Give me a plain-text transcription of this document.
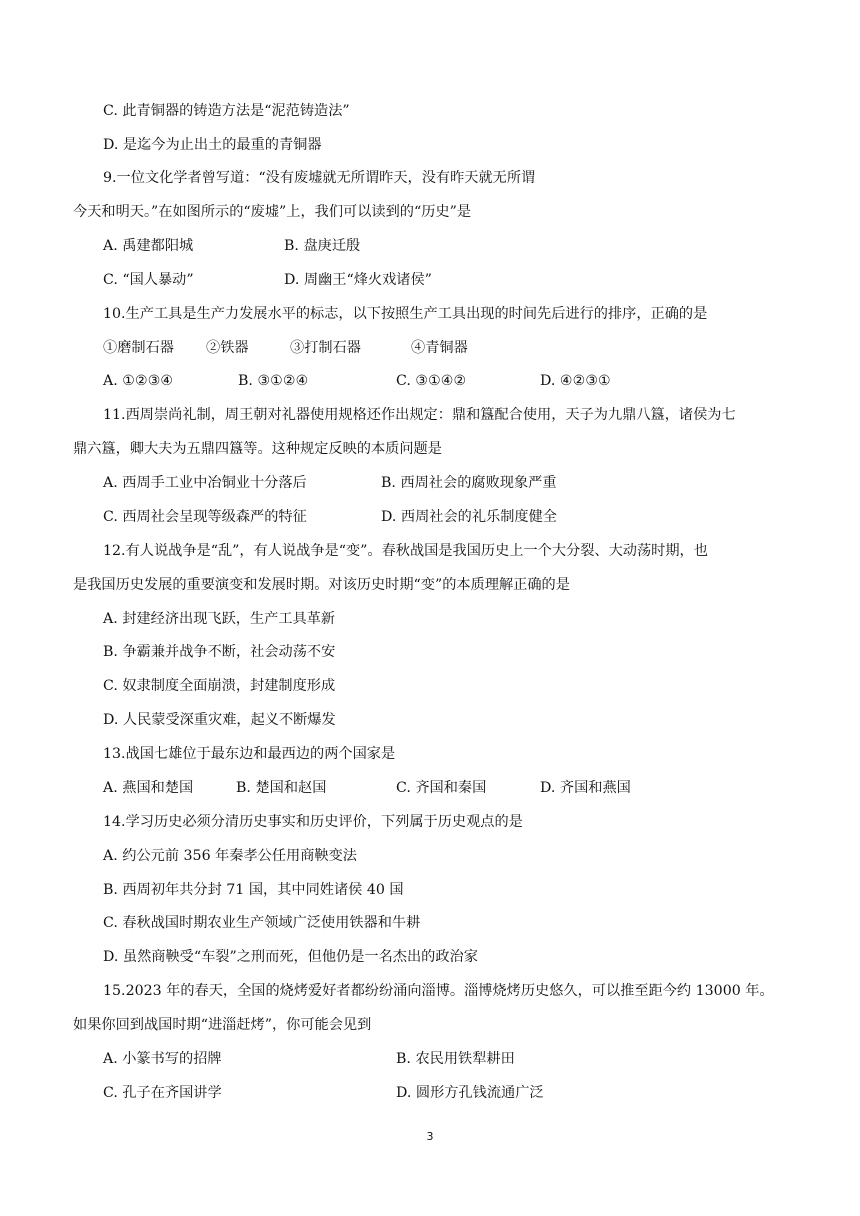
C. 此青铜器的铸造方法是“泥范铸造法”
D. 是迄今为止出土的最重的青铜器
9.一位文化学者曾写道：“没有废墟就无所谓昨天，没有昨天就无所谓
今天和明天。”在如图所示的“废墟”上，我们可以读到的“历史”是
A. 禹建都阳城	B. 盘庚迁殷
C. “国人暴动”	D. 周幽王“烽火戏诸侯”
10.生产工具是生产力发展水平的标志，以下按照生产工具出现的时间先后进行的排序，正确的是
①磨制石器 ②铁器	③打制石器	④青铜器
A. ①②③④	B. ③①②④	C. ③①④②	D. ④②③①
11.西周崇尚礼制，周王朝对礼器使用规格还作出规定：鼎和簋配合使用，天子为九鼎八簋，诸侯为七
鼎六簋，卿大夫为五鼎四簋等。这种规定反映的本质问题是
A. 西周手工业中冶铜业十分落后	B. 西周社会的腐败现象严重
C. 西周社会呈现等级森严的特征	D. 西周社会的礼乐制度健全
12.有人说战争是“乱”，有人说战争是“变”。春秋战国是我国历史上一个大分裂、大动荡时期，也
是我国历史发展的重要演变和发展时期。对该历史时期“变”的本质理解正确的是
A. 封建经济出现飞跃，生产工具革新
B. 争霸兼并战争不断，社会动荡不安
C. 奴隶制度全面崩溃，封建制度形成
D. 人民蒙受深重灾难，起义不断爆发
13.战国七雄位于最东边和最西边的两个国家是
A. 燕国和楚国	B. 楚国和赵国	C. 齐国和秦国	D. 齐国和燕国
14.学习历史必须分清历史事实和历史评价，下列属于历史观点的是
A. 约公元前 356 年秦孝公任用商鞅变法
B. 西周初年共分封 71 国，其中同姓诸侯 40 国
C. 春秋战国时期农业生产领域广泛使用铁器和牛耕
D. 虽然商鞅受“车裂”之刑而死，但他仍是一名杰出的政治家
15.2023 年的春天，全国的烧烤爱好者都纷纷涌向淄博。淄博烧烤历史悠久，可以推至距今约 13000 年。
如果你回到战国时期“进淄赶烤”，你可能会见到
A. 小篆书写的招牌	B. 农民用铁犁耕田
C. 孔子在齐国讲学	D. 圆形方孔钱流通广泛
3
